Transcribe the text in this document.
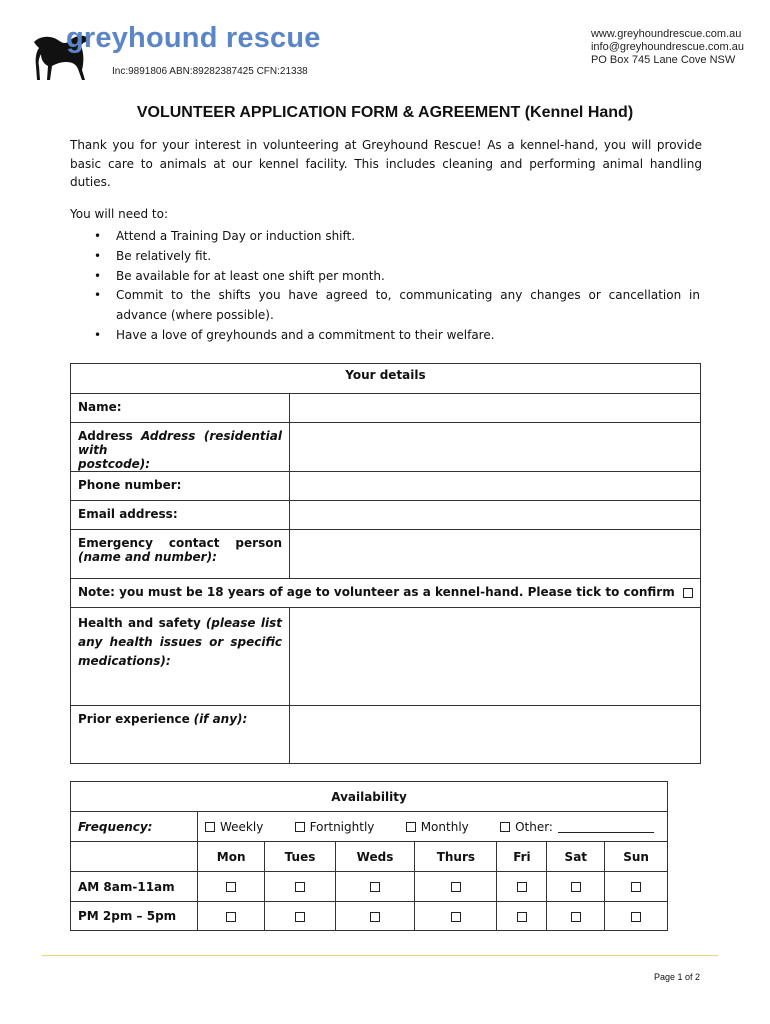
greyhound rescue
Inc:9891806 ABN:89282387425 CFN:21338
www.greyhoundrescue.com.au
info@greyhoundrescue.com.au
PO Box 745 Lane Cove NSW
VOLUNTEER APPLICATION FORM & AGREEMENT (Kennel Hand)

Thank you for your interest in volunteering at Greyhound Rescue! As a kennel-hand, you will provide basic care to animals at our kennel facility. This includes cleaning and performing animal handling duties.

You will need to:
• Attend a Training Day or induction shift.
• Be relatively fit.
• Be available for at least one shift per month.
• Commit to the shifts you have agreed to, communicating any changes or cancellation in advance (where possible).
• Have a love of greyhounds and a commitment to their welfare.
Your details	
Name:	

Address Address (residential with
postcode):	
Phone number:	
Email address:	

Emergency contact person
(name and number):	
Note: you must be 18 years of age to volunteer as a kennel-hand. Please tick to confirm	
Health and safety (please list any health issues or specific medications):	
Prior experience (if any):	
Availability							
Frequency:	Weekly Fortnightly Monthly Other:						

	Mon	Tues	Weds	Thurs	Fri	Sat	Sun
AM 8am-11am							
PM 2pm – 5pm							
Page 1 of 2
